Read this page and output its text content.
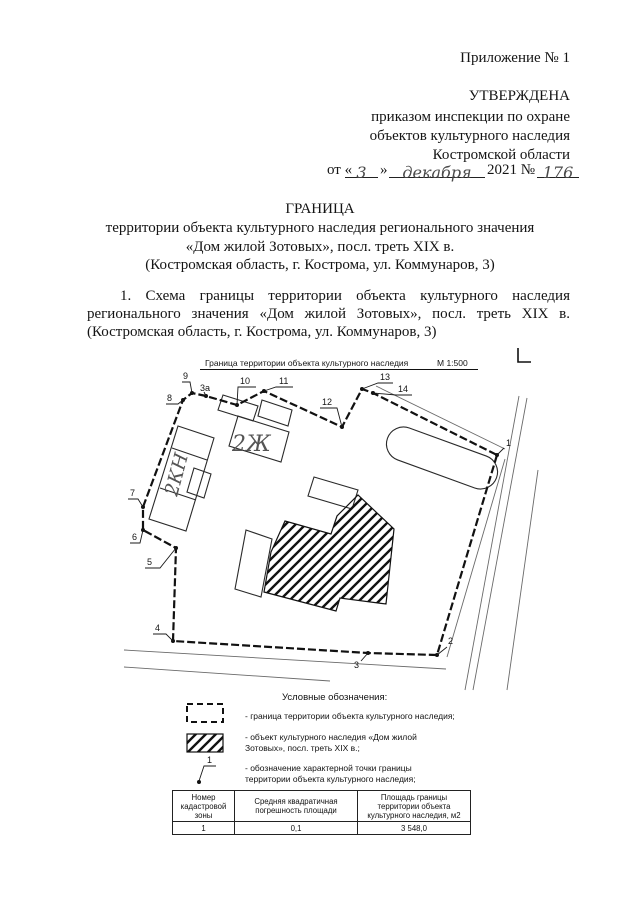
Приложение № 1
УТВЕРЖДЕНА
приказом инспекции по охране
объектов культурного наследия
Костромской области
от « 3 » декабря	2021 № 176
ГРАНИЦА
территории объекта культурного наследия регионального значения
«Дом жилой Зотовых», посл. треть XIX в.
(Костромская область, г. Кострома, ул. Коммунаров, 3)
1. Схема границы территории объекта культурного наследия
регионального значения «Дом жилой Зотовых», посл. треть XIX в.
(Костромская область, г. Кострома, ул. Коммунаров, 3)
Граница территории объекта культурного наследия	М 1:500
2Ж
2КН
1
2
3
3а
4
5
6
7
8
9	10	11
12
13
14
1
Условные обозначения:
- граница территории объекта культурного наследия;
- объект культурного наследия «Дом жилой
Зотовых», посл. треть XIX в.;
- обозначение характерной точки границы
территории объекта культурного наследия;
Номер кадастровой зоны	Средняя квадратичная погрешность площади	Площадь границы территории объекта культурного наследия, м2
1	0,1	3 548,0
